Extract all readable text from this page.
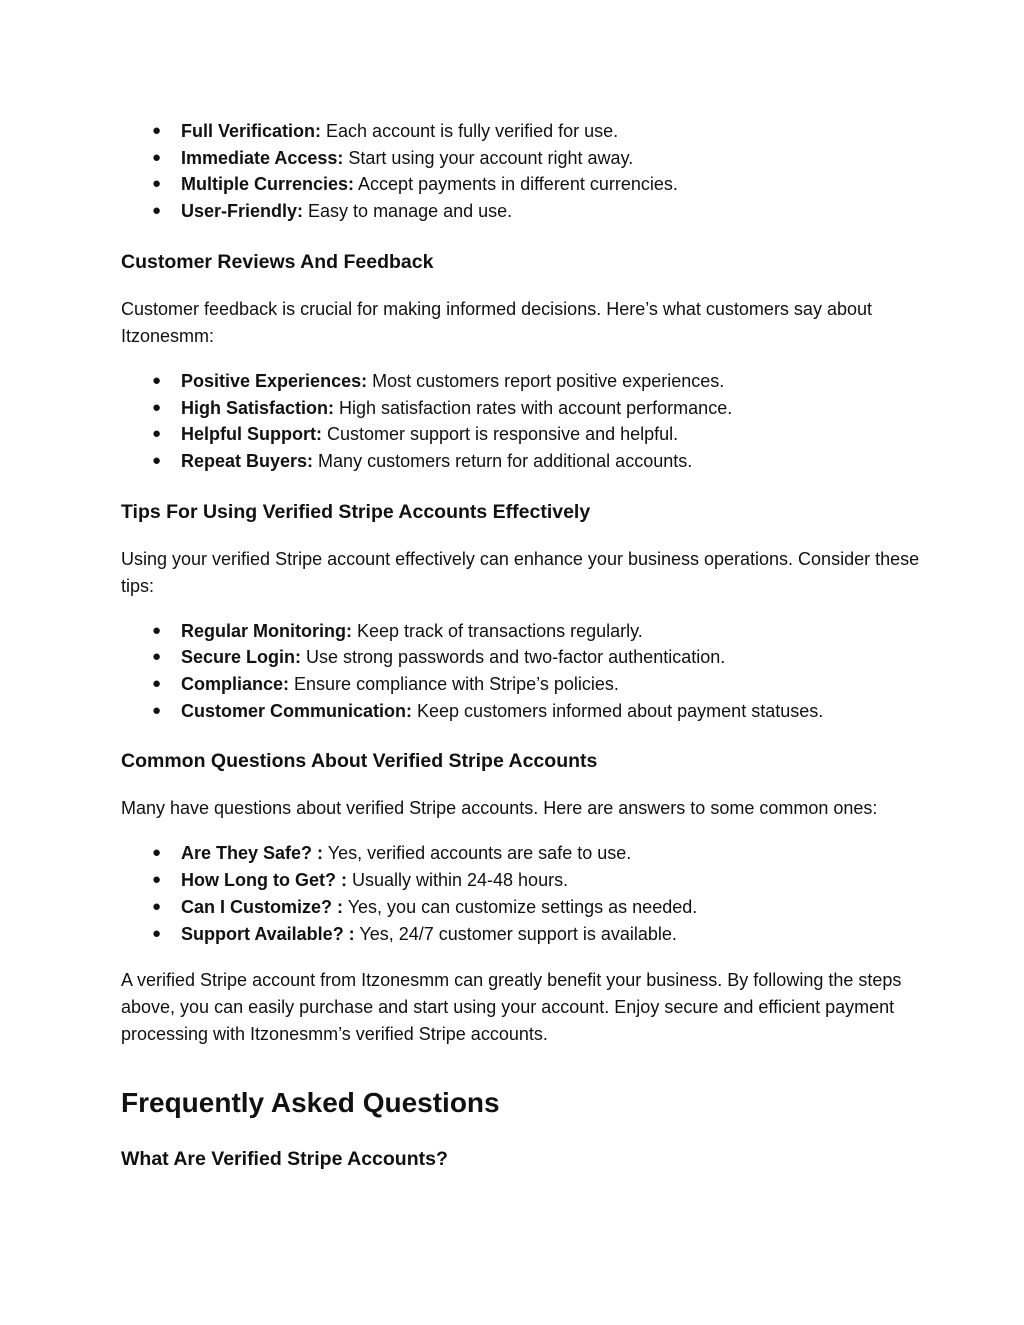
● Full Verification: Each account is fully verified for use.
● Immediate Access: Start using your account right away.
● Multiple Currencies: Accept payments in different currencies.
● User-Friendly: Easy to manage and use.
Customer Reviews And Feedback

Customer feedback is crucial for making informed decisions. Here’s what customers say about Itzonesmm:

● Positive Experiences: Most customers report positive experiences.
● High Satisfaction: High satisfaction rates with account performance.
● Helpful Support: Customer support is responsive and helpful.
● Repeat Buyers: Many customers return for additional accounts.
Tips For Using Verified Stripe Accounts Effectively

Using your verified Stripe account effectively can enhance your business operations. Consider these tips:

● Regular Monitoring: Keep track of transactions regularly.
● Secure Login: Use strong passwords and two-factor authentication.
● Compliance: Ensure compliance with Stripe’s policies.
● Customer Communication: Keep customers informed about payment statuses.
Common Questions About Verified Stripe Accounts

Many have questions about verified Stripe accounts. Here are answers to some common ones:

● Are They Safe? : Yes, verified accounts are safe to use.
● How Long to Get? : Usually within 24-48 hours.
● Can I Customize? : Yes, you can customize settings as needed.
● Support Available? : Yes, 24/7 customer support is available.

A verified Stripe account from Itzonesmm can greatly benefit your business. By following the steps above, you can easily purchase and start using your account. Enjoy secure and efficient payment processing with Itzonesmm’s verified Stripe accounts.

Frequently Asked Questions
What Are Verified Stripe Accounts?
